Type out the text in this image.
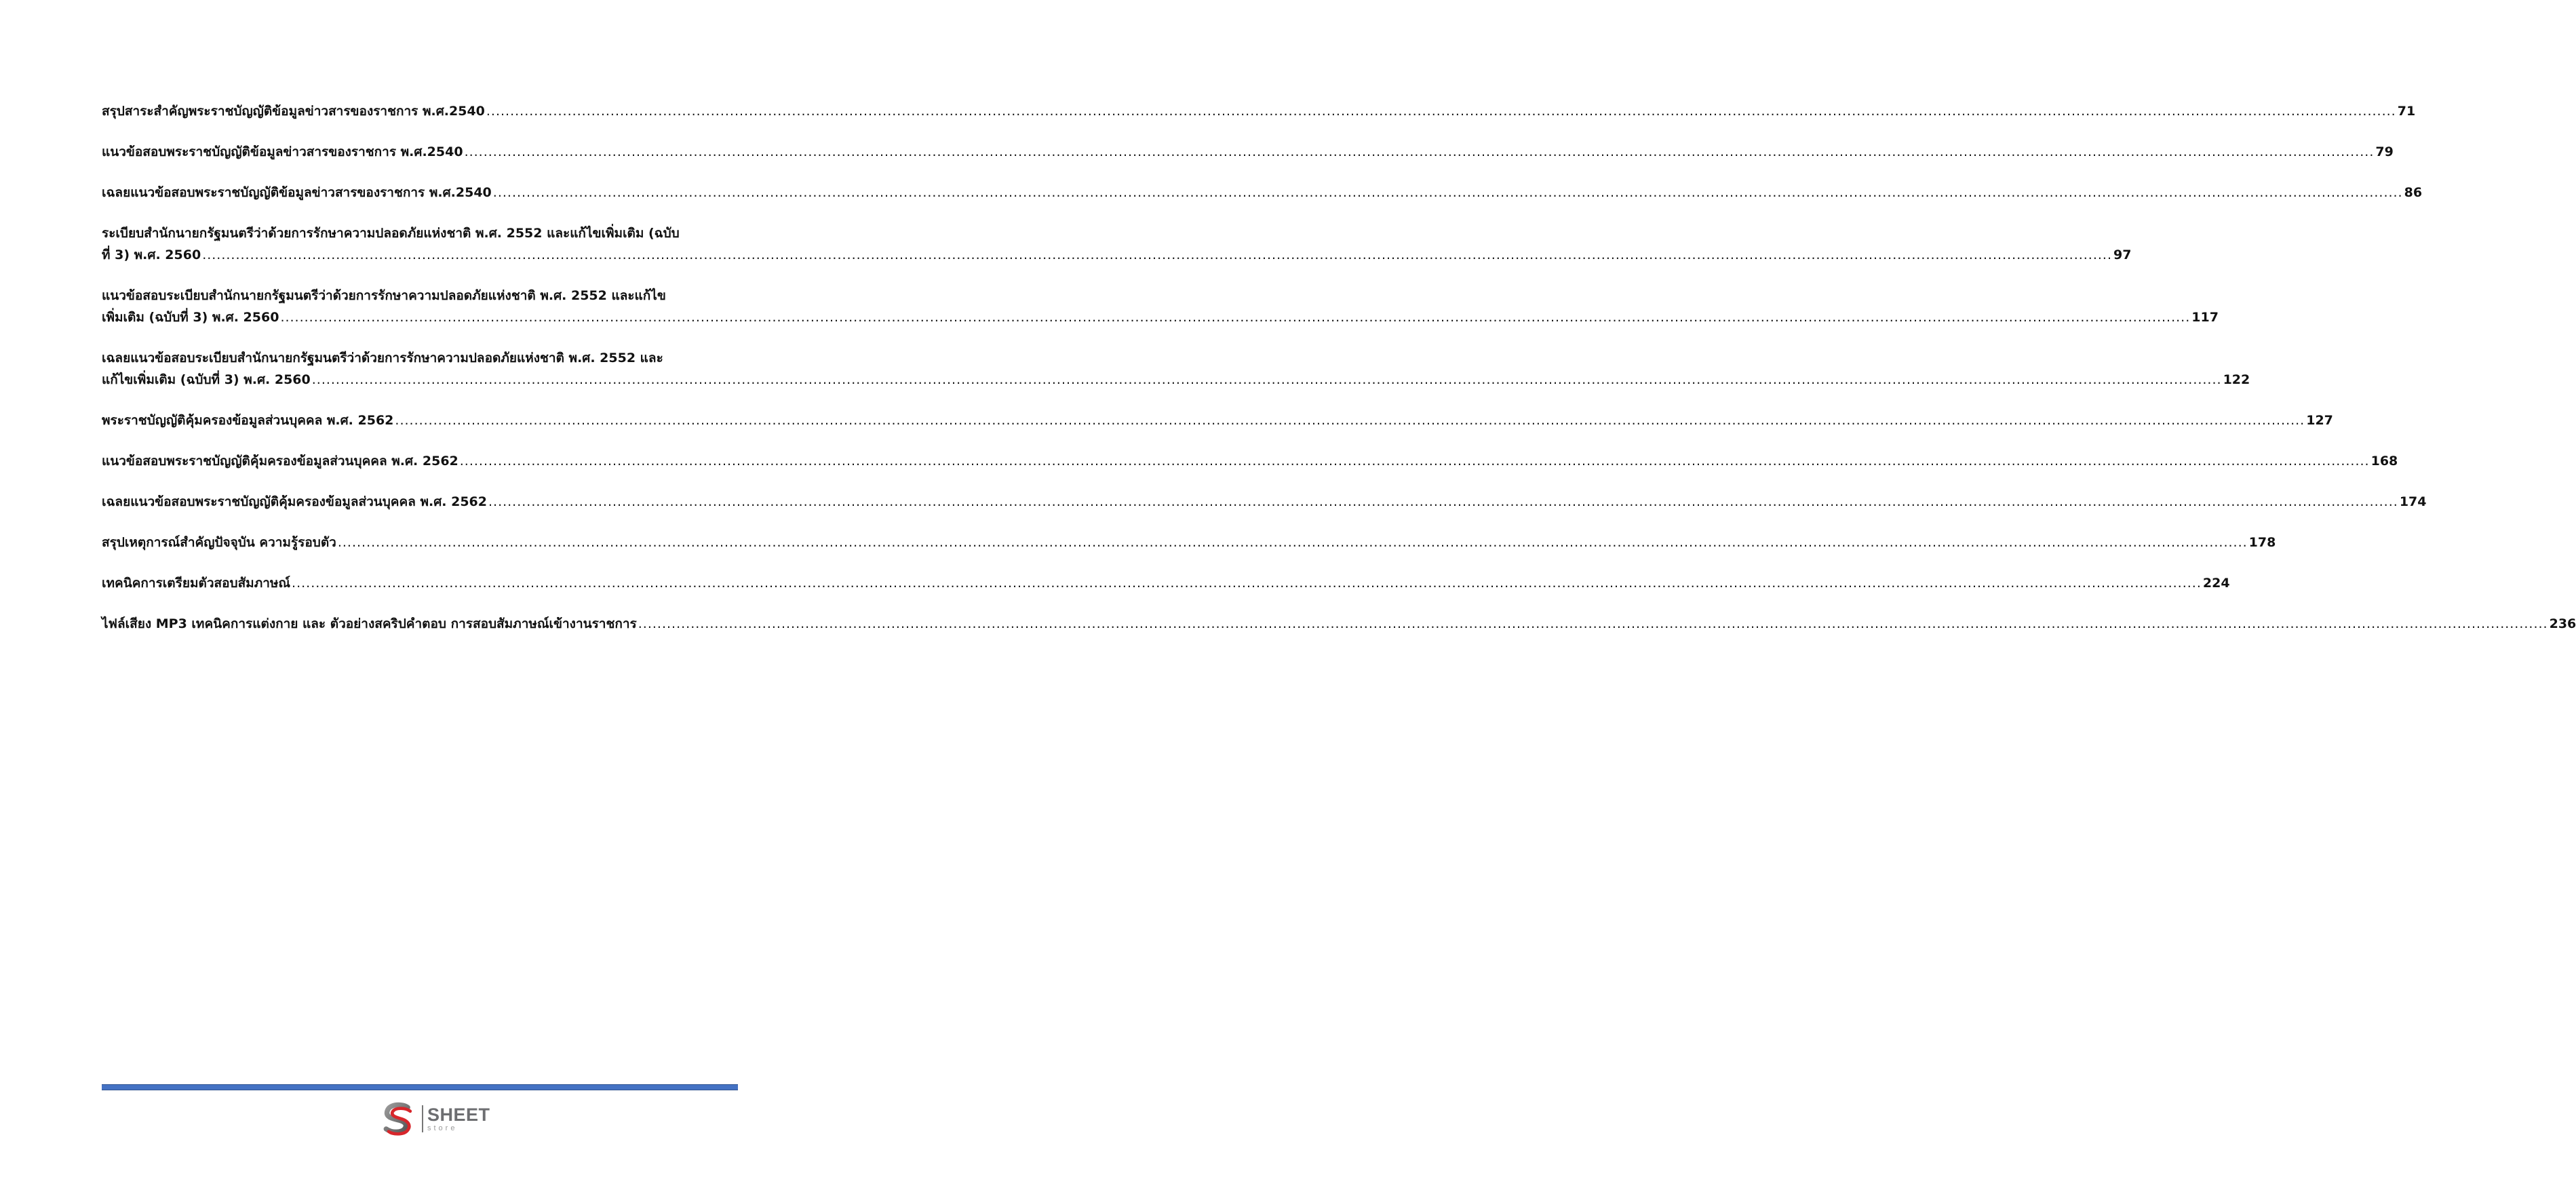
สรุปสาระสำคัญพระราชบัญญัติข้อมูลข่าวสารของราชการ พ.ศ.2540 ................................................................................................................................................................................................................................................................................................................................................................................................................ 71
แนวข้อสอบพระราชบัญญัติข้อมูลข่าวสารของราชการ พ.ศ.2540 ................................................................................................................................................................................................................................................................................................................................................................................................................ 79
เฉลยแนวข้อสอบพระราชบัญญัติข้อมูลข่าวสารของราชการ พ.ศ.2540 ................................................................................................................................................................................................................................................................................................................................................................................................................ 86
ระเบียบสำนักนายกรัฐมนตรีว่าด้วยการรักษาความปลอดภัยแห่งชาติ พ.ศ. 2552 และแก้ไขเพิ่มเติม (ฉบับ
ที่ 3) พ.ศ. 2560 ................................................................................................................................................................................................................................................................................................................................................................................................................ 97
แนวข้อสอบระเบียบสำนักนายกรัฐมนตรีว่าด้วยการรักษาความปลอดภัยแห่งชาติ พ.ศ. 2552 และแก้ไข
เพิ่มเติม (ฉบับที่ 3) พ.ศ. 2560 ................................................................................................................................................................................................................................................................................................................................................................................................................ 117
เฉลยแนวข้อสอบระเบียบสำนักนายกรัฐมนตรีว่าด้วยการรักษาความปลอดภัยแห่งชาติ พ.ศ. 2552 และ
แก้ไขเพิ่มเติม (ฉบับที่ 3) พ.ศ. 2560 ................................................................................................................................................................................................................................................................................................................................................................................................................ 122
พระราชบัญญัติคุ้มครองข้อมูลส่วนบุคคล พ.ศ. 2562 ................................................................................................................................................................................................................................................................................................................................................................................................................ 127
แนวข้อสอบพระราชบัญญัติคุ้มครองข้อมูลส่วนบุคคล พ.ศ. 2562 ................................................................................................................................................................................................................................................................................................................................................................................................................ 168
เฉลยแนวข้อสอบพระราชบัญญัติคุ้มครองข้อมูลส่วนบุคคล พ.ศ. 2562 ................................................................................................................................................................................................................................................................................................................................................................................................................ 174
สรุปเหตุการณ์สำคัญปัจจุบัน ความรู้รอบตัว ................................................................................................................................................................................................................................................................................................................................................................................................................ 178
เทคนิคการเตรียมตัวสอบสัมภาษณ์ ................................................................................................................................................................................................................................................................................................................................................................................................................ 224
ไฟล์เสียง MP3 เทคนิคการแต่งกาย และ ตัวอย่างสคริปคำตอบ การสอบสัมภาษณ์เข้างานราชการ ................................................................................................................................................................................................................................................................................................................................................................................................................ 236
SHEET
store
